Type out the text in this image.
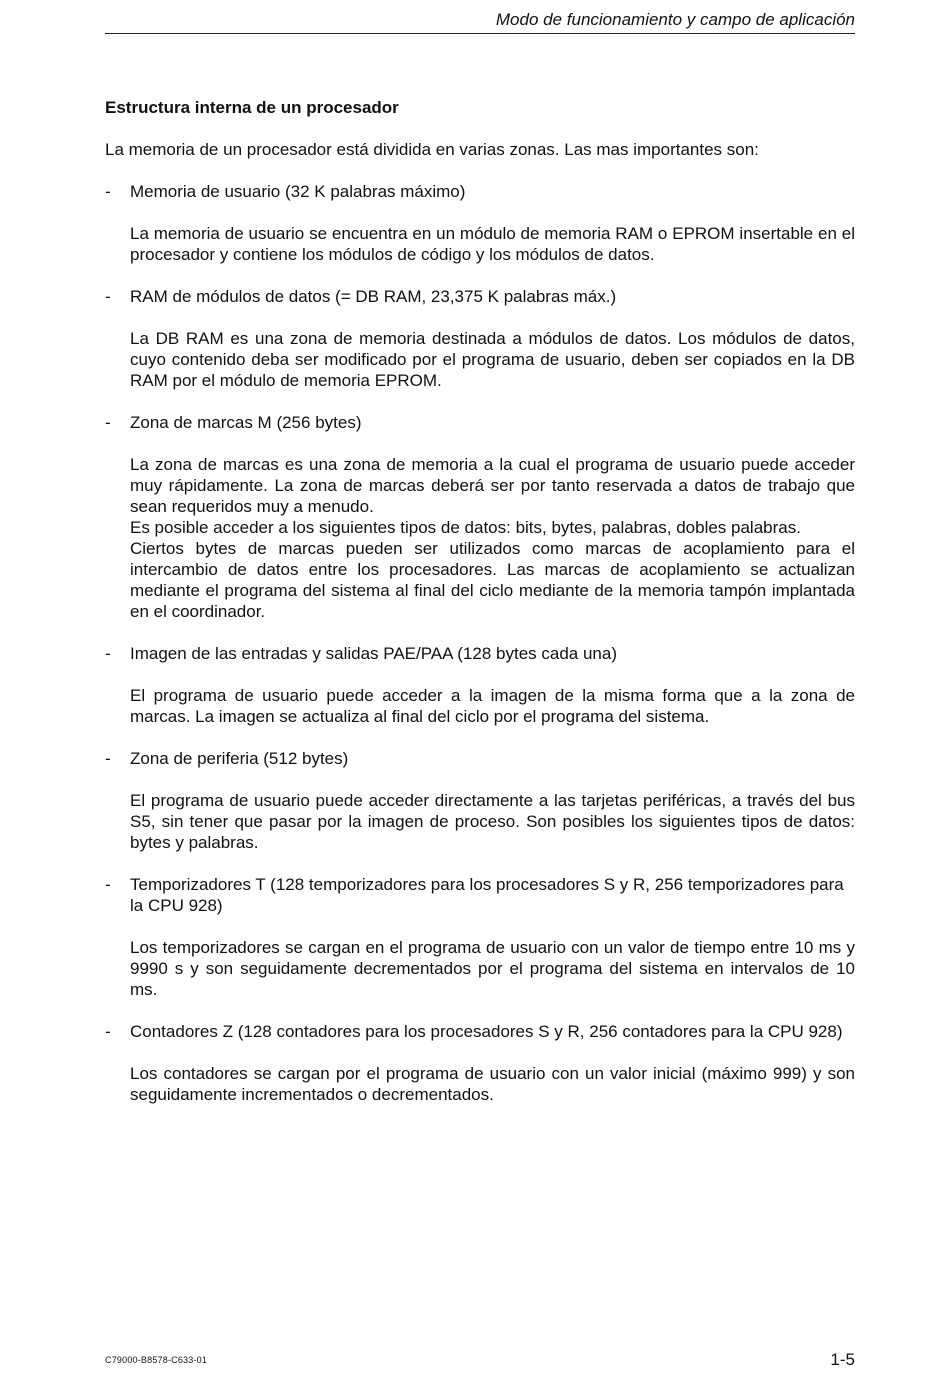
Modo de funcionamiento y campo de aplicación
Estructura interna de un procesador
La memoria de un procesador está dividida en varias zonas. Las mas importantes son:
-	Memoria de usuario (32 K palabras máximo)

La memoria de usuario se encuentra en un módulo de memoria RAM o EPROM insertable en el procesador y contiene los módulos de código y los módulos de datos.

-	RAM de módulos de datos (= DB RAM, 23,375 K palabras máx.)

La DB RAM es una zona de memoria destinada a módulos de datos. Los módulos de datos, cuyo contenido deba ser modificado por el programa de usuario, deben ser copiados en la DB RAM por el módulo de memoria EPROM.

-	Zona de marcas M (256 bytes)

La zona de marcas es una zona de memoria a la cual el programa de usuario puede acceder muy rápidamente. La zona de marcas deberá ser por tanto reservada a datos de trabajo que sean requeridos muy a menudo.

Es posible acceder a los siguientes tipos de datos: bits, bytes, palabras, dobles palabras.

Ciertos bytes de marcas pueden ser utilizados como marcas de acoplamiento para el intercambio de datos entre los procesadores. Las marcas de acoplamiento se actualizan mediante el programa del sistema al final del ciclo mediante de la memoria tampón implantada en el coordinador.

-	Imagen de las entradas y salidas PAE/PAA (128 bytes cada una)

El programa de usuario puede acceder a la imagen de la misma forma que a la zona de marcas. La imagen se actualiza al final del ciclo por el programa del sistema.

-	Zona de periferia (512 bytes)

El programa de usuario puede acceder directamente a las tarjetas periféricas, a través del bus S5, sin tener que pasar por la imagen de proceso. Son posibles los siguientes tipos de datos: bytes y palabras.

-	Temporizadores T (128 temporizadores para los procesadores S y R, 256 temporizadores para la CPU 928)

Los temporizadores se cargan en el programa de usuario con un valor de tiempo entre 10 ms y 9990 s y son seguidamente decrementados por el programa del sistema en intervalos de 10 ms.

-	Contadores Z (128 contadores para los procesadores S y R, 256 contadores para la CPU 928)

Los contadores se cargan por el programa de usuario con un valor inicial (máximo 999) y son seguidamente incrementados o decrementados.

C79000-B8578-C633-01	1-5
